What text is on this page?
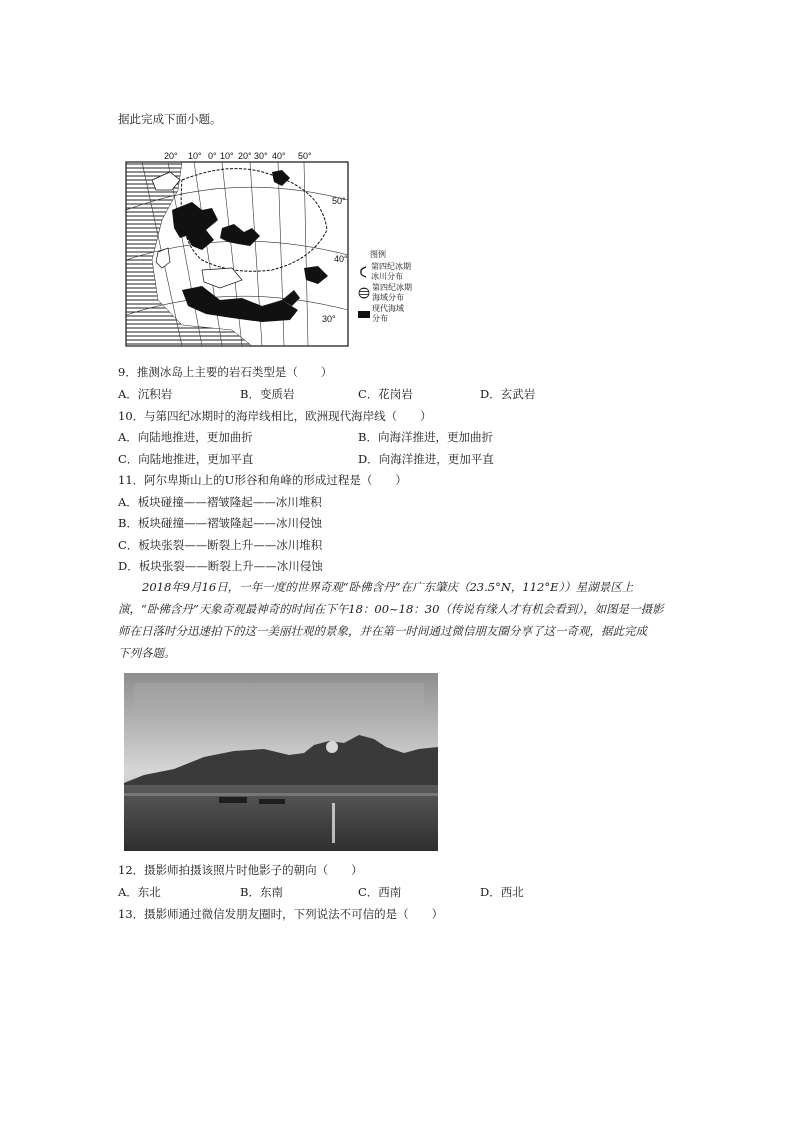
据此完成下面小题。
20° 10° 0° 10° 20° 30° 40° 50°
50°
40°
30°
图例
第四纪冰期
冰川分布
第四纪冰期
海域分布
现代海域
分布
9．推测冰岛上主要的岩石类型是（　　）
A．沉积岩	B．变质岩	C．花岗岩	D．玄武岩
10．与第四纪冰期时的海岸线相比，欧洲现代海岸线（　　）
A．向陆地推进，更加曲折	B．向海洋推进，更加曲折
C．向陆地推进，更加平直	D．向海洋推进，更加平直
11．阿尔卑斯山上的U形谷和角峰的形成过程是（　　）
A．板块碰撞——褶皱隆起——冰川堆积
B．板块碰撞——褶皱隆起——冰川侵蚀
C．板块张裂——断裂上升——冰川堆积
D．板块张裂——断裂上升——冰川侵蚀

2018年9月16日，一年一度的世界奇观“卧佛含丹”在广东肇庆（23.5°N，112°E））星湖景区上

演，“卧佛含丹”天象奇观最神奇的时间在下午18：00~18：30（传说有缘人才有机会看到），如图是一摄影

师在日落时分迅速拍下的这一美丽壮观的景象，并在第一时间通过微信朋友圈分享了这一奇观，据此完成

下列各题。

12．摄影师拍摄该照片时他影子的朝向（　　）
A．东北	B．东南	C．西南	D．西北
13．摄影师通过微信发朋友圈时，下列说法不可信的是（　　）
